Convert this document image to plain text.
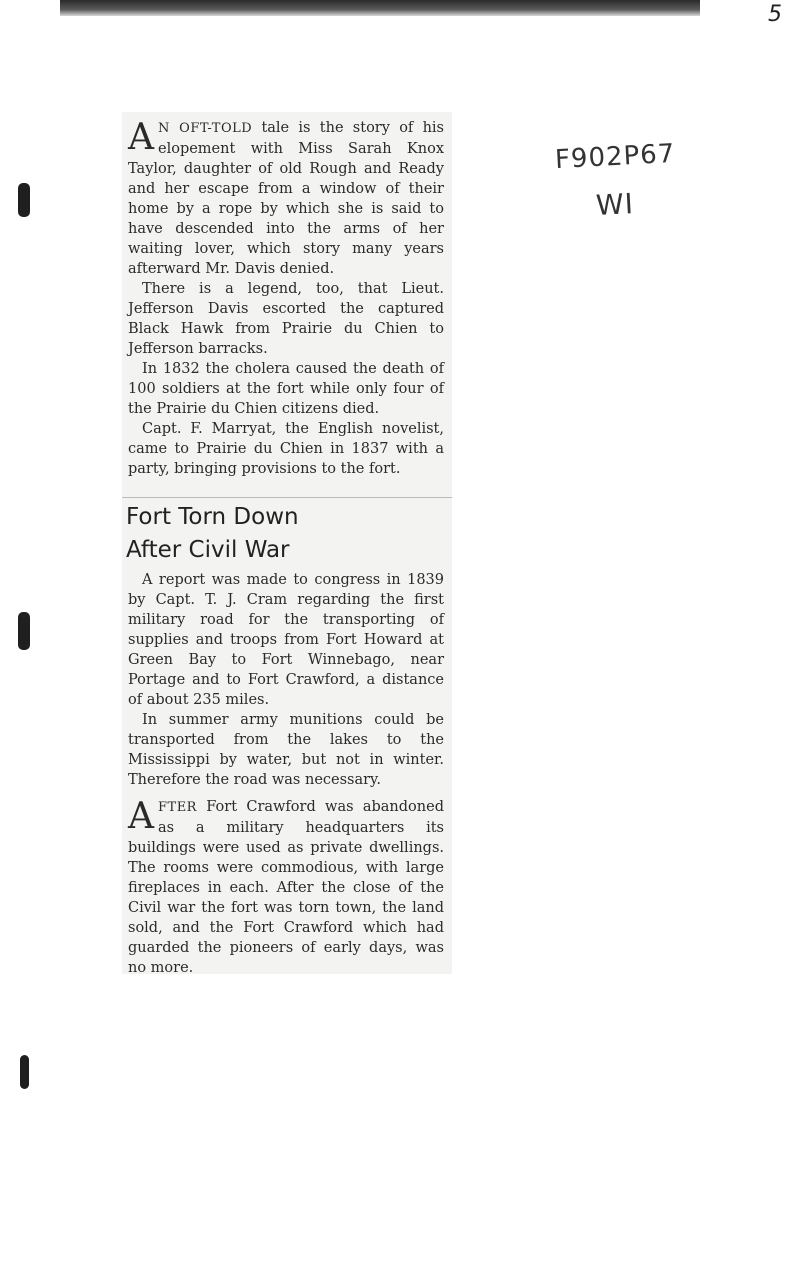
5
F902P67
WI

A N OFT-TOLD tale is the story of his elopement with Miss Sarah Knox Taylor, daughter of old Rough and Ready and her escape from a window of their home by a rope by which she is said to have descended into the arms of her waiting lover, which story many years afterward Mr. Davis denied.

There is a legend, too, that Lieut. Jefferson Davis escorted the captured Black Hawk from Prairie du Chien to Jefferson barracks.

In 1832 the cholera caused the death of 100 soldiers at the fort while only four of the Prairie du Chien citizens died.

Capt. F. Marryat, the English novelist, came to Prairie du Chien in 1837 with a party, bringing provisions to the fort.

Fort Torn Down
After Civil War

A report was made to congress in 1839 by Capt. T. J. Cram regarding the first military road for the transporting of supplies and troops from Fort Howard at Green Bay to Fort Winnebago, near Portage and to Fort Crawford, a distance of about 235 miles.

In summer army munitions could be transported from the lakes to the Mississippi by water, but not in winter. Therefore the road was necessary.

AFTER Fort Crawford was abandoned as a military headquarters its buildings were used as private dwellings. The rooms were commodious, with large fireplaces in each. After the close of the Civil war the fort was torn town, the land sold, and the Fort Crawford which had guarded the pioneers of early days, was no more.
